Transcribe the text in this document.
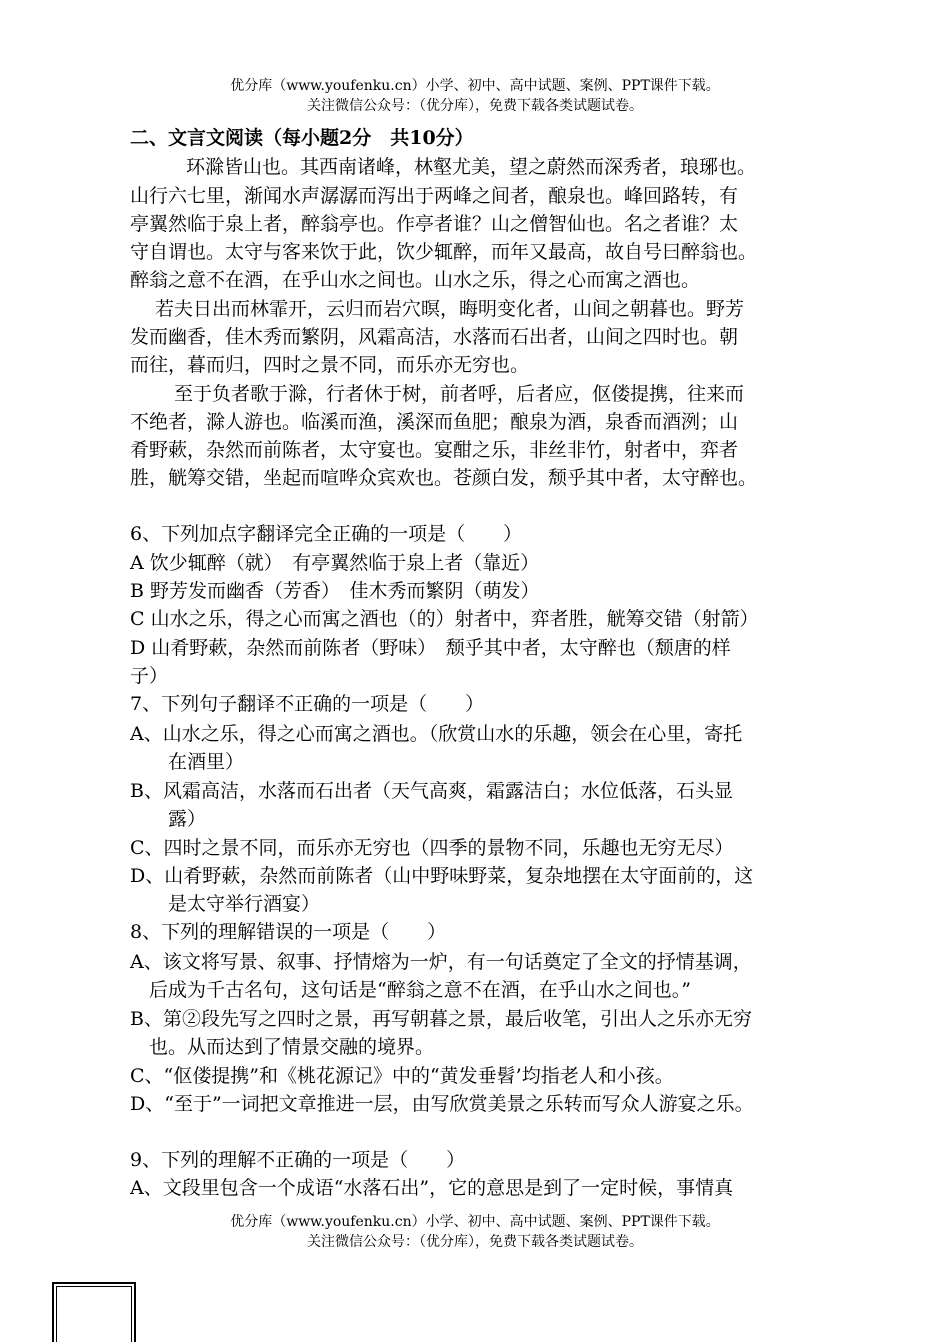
优分库（www.youfenku.cn）小学、初中、高中试题、案例、PPT课件下载。
关注微信公众号：（优分库），免费下载各类试题试卷。
二、文言文阅读（每小题2分　共10分）
环滁皆山也。其西南诸峰，林壑尤美，望之蔚然而深秀者，琅琊也。
山行六七里，渐闻水声潺潺而泻出于两峰之间者，酿泉也。峰回路转，有
亭翼然临于泉上者，醉翁亭也。作亭者谁？山之僧智仙也。名之者谁？太
守自谓也。太守与客来饮于此，饮少辄醉，而年又最高，故自号曰醉翁也。
醉翁之意不在酒，在乎山水之间也。山水之乐，得之心而寓之酒也。
若夫日出而林霏开，云归而岩穴暝，晦明变化者，山间之朝暮也。野芳
发而幽香，佳木秀而繁阴，风霜高洁，水落而石出者，山间之四时也。朝
而往，暮而归，四时之景不同，而乐亦无穷也。
至于负者歌于滁，行者休于树，前者呼，后者应，伛偻提携，往来而
不绝者，滁人游也。临溪而渔，溪深而鱼肥；酿泉为酒，泉香而酒洌；山
肴野蔌，杂然而前陈者，太守宴也。宴酣之乐，非丝非竹，射者中，弈者
胜，觥筹交错，坐起而喧哗众宾欢也。苍颜白发，颓乎其中者，太守醉也。
6、下列加点字翻译完全正确的一项是（　　）
A 饮少辄醉（就）　有亭翼然临于泉上者（靠近）
B 野芳发而幽香（芳香）　佳木秀而繁阴（萌发）
C 山水之乐，得之心而寓之酒也（的）射者中，弈者胜，觥筹交错（射箭）
D 山肴野蔌，杂然而前陈者（野味）　颓乎其中者，太守醉也（颓唐的样
子）
7、下列句子翻译不正确的一项是（　　）
A、山水之乐，得之心而寓之酒也。（欣赏山水的乐趣，领会在心里，寄托
　　在酒里）
B、风霜高洁，水落而石出者（天气高爽，霜露洁白；水位低落，石头显
　　露）
C、四时之景不同，而乐亦无穷也（四季的景物不同，乐趣也无穷无尽）
D、山肴野蔌，杂然而前陈者（山中野味野菜，复杂地摆在太守面前的，这
　　是太守举行酒宴）
8、下列的理解错误的一项是（　　）
A、该文将写景、叙事、抒情熔为一炉，有一句话奠定了全文的抒情基调，
　后成为千古名句，这句话是“醉翁之意不在酒，在乎山水之间也。”
B、第②段先写之四时之景，再写朝暮之景，最后收笔，引出人之乐亦无穷
　也。从而达到了情景交融的境界。
C、“伛偻提携”和《桃花源记》中的“黄发垂髫’均指老人和小孩。
D、“至于”一词把文章推进一层，由写欣赏美景之乐转而写众人游宴之乐。
9、下列的理解不正确的一项是（　　）
A、文段里包含一个成语“水落石出”，它的意思是到了一定时候，事情真
优分库（www.youfenku.cn）小学、初中、高中试题、案例、PPT课件下载。
关注微信公众号：（优分库），免费下载各类试题试卷。
